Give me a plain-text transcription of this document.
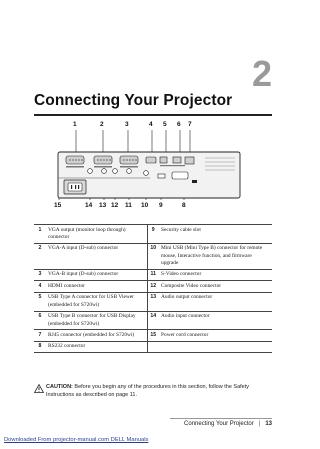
2
Connecting Your Projector
1	2	3	4 5 6 7
15	14 13 12 11 10 9	8
1	VGA output (monitor loop through) connector	9	Security cable slot
2	VGA-A input (D-sub) connector	10	Mini USB (Mini Type B) connector for remote mouse, Interactive function, and firmware upgrade
3	VGA-B input (D-sub) connector	11	S-Video connector
4	HDMI connector	12	Composite Video connector
5	USB Type A connector for USB Viewer (embedded for S720wi)	13	Audio output connector
6	USB Type B connector for USB Display (embedded for S720wi)	14	Audio input connector
7	RJ45 connector (embedded for S720wi)	15	Power cord connector
8	RS232 connector		
CAUTION: Before you begin any of the procedures in this section, follow the Safety Instructions as described on page 11.
Connecting Your Projector | 13
Downloaded From projector-manual.com DELL Manuals
